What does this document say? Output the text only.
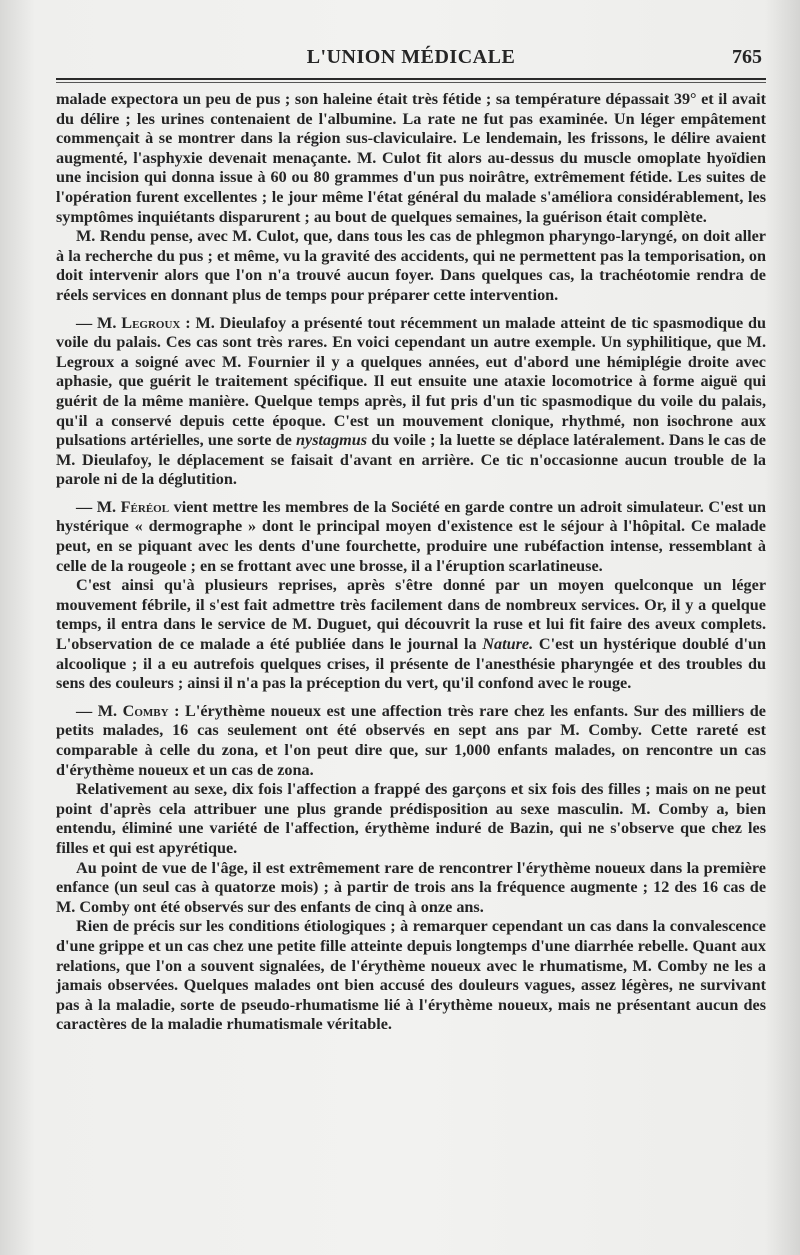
L'UNION MÉDICALE	765

malade expectora un peu de pus ; son haleine était très fétide ; sa température dépassait 39° et il avait du délire ; les urines contenaient de l'albumine. La rate ne fut pas examinée. Un léger empâtement commençait à se montrer dans la région sus-claviculaire. Le lendemain, les frissons, le délire avaient augmenté, l'asphyxie devenait menaçante. M. Culot fit alors au-dessus du muscle omoplate hyoïdien une incision qui donna issue à 60 ou 80 grammes d'un pus noirâtre, extrêmement fétide. Les suites de l'opération furent excellentes ; le jour même l'état général du malade s'améliora considérablement, les symptômes inquiétants disparurent ; au bout de quelques semaines, la guérison était complète.

M. Rendu pense, avec M. Culot, que, dans tous les cas de phlegmon pharyngo-laryngé, on doit aller à la recherche du pus ; et même, vu la gravité des accidents, qui ne permettent pas la temporisation, on doit intervenir alors que l'on n'a trouvé aucun foyer. Dans quelques cas, la trachéotomie rendra de réels services en donnant plus de temps pour préparer cette intervention.

— M. Legroux : M. Dieulafoy a présenté tout récemment un malade atteint de tic spasmodique du voile du palais. Ces cas sont très rares. En voici cependant un autre exemple. Un syphilitique, que M. Legroux a soigné avec M. Fournier il y a quelques années, eut d'abord une hémiplégie droite avec aphasie, que guérit le traitement spécifique. Il eut ensuite une ataxie locomotrice à forme aiguë qui guérit de la même manière. Quelque temps après, il fut pris d'un tic spasmodique du voile du palais, qu'il a conservé depuis cette époque. C'est un mouvement clonique, rhythmé, non isochrone aux pulsations artérielles, une sorte de nystagmus du voile ; la luette se déplace latéralement. Dans le cas de M. Dieulafoy, le déplacement se faisait d'avant en arrière. Ce tic n'occasionne aucun trouble de la parole ni de la déglutition.

— M. Féréol vient mettre les membres de la Société en garde contre un adroit simulateur. C'est un hystérique « dermographe » dont le principal moyen d'existence est le séjour à l'hôpital. Ce malade peut, en se piquant avec les dents d'une fourchette, produire une rubéfaction intense, ressemblant à celle de la rougeole ; en se frottant avec une brosse, il a l'éruption scarlatineuse.

C'est ainsi qu'à plusieurs reprises, après s'être donné par un moyen quelconque un léger mouvement fébrile, il s'est fait admettre très facilement dans de nombreux services. Or, il y a quelque temps, il entra dans le service de M. Duguet, qui découvrit la ruse et lui fit faire des aveux complets. L'observation de ce malade a été publiée dans le journal la Nature. C'est un hystérique doublé d'un alcoolique ; il a eu autrefois quelques crises, il présente de l'anesthésie pharyngée et des troubles du sens des couleurs ; ainsi il n'a pas la préception du vert, qu'il confond avec le rouge.

— M. Comby : L'érythème noueux est une affection très rare chez les enfants. Sur des milliers de petits malades, 16 cas seulement ont été observés en sept ans par M. Comby. Cette rareté est comparable à celle du zona, et l'on peut dire que, sur 1,000 enfants malades, on rencontre un cas d'érythème noueux et un cas de zona.

Relativement au sexe, dix fois l'affection a frappé des garçons et six fois des filles ; mais on ne peut point d'après cela attribuer une plus grande prédisposition au sexe masculin. M. Comby a, bien entendu, éliminé une variété de l'affection, érythème induré de Bazin, qui ne s'observe que chez les filles et qui est apyrétique.

Au point de vue de l'âge, il est extrêmement rare de rencontrer l'érythème noueux dans la première enfance (un seul cas à quatorze mois) ; à partir de trois ans la fréquence augmente ; 12 des 16 cas de M. Comby ont été observés sur des enfants de cinq à onze ans.

Rien de précis sur les conditions étiologiques ; à remarquer cependant un cas dans la convalescence d'une grippe et un cas chez une petite fille atteinte depuis longtemps d'une diarrhée rebelle. Quant aux relations, que l'on a souvent signalées, de l'érythème noueux avec le rhumatisme, M. Comby ne les a jamais observées. Quelques malades ont bien accusé des douleurs vagues, assez légères, ne survivant pas à la maladie, sorte de pseudo-rhumatisme lié à l'érythème noueux, mais ne présentant aucun des caractères de la maladie rhumatismale véritable.
